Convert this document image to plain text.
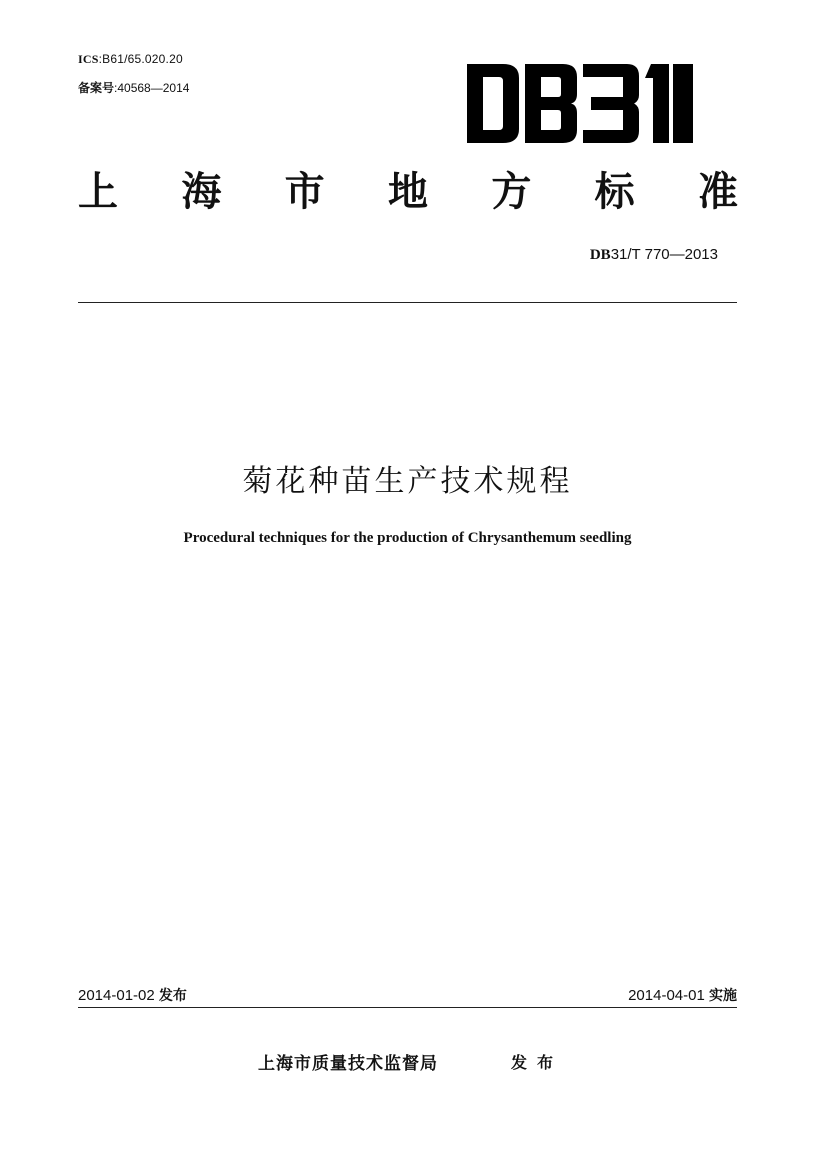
ICS:B61/65.020.20
备案号:40568—2014
上 海 市 地 方 标 准
DB31/T 770—2013
菊花种苗生产技术规程
Procedural techniques for the production of Chrysanthemum seedling
2014-01-02 发布	2014-04-01 实施
上海市质量技术监督局	发布
